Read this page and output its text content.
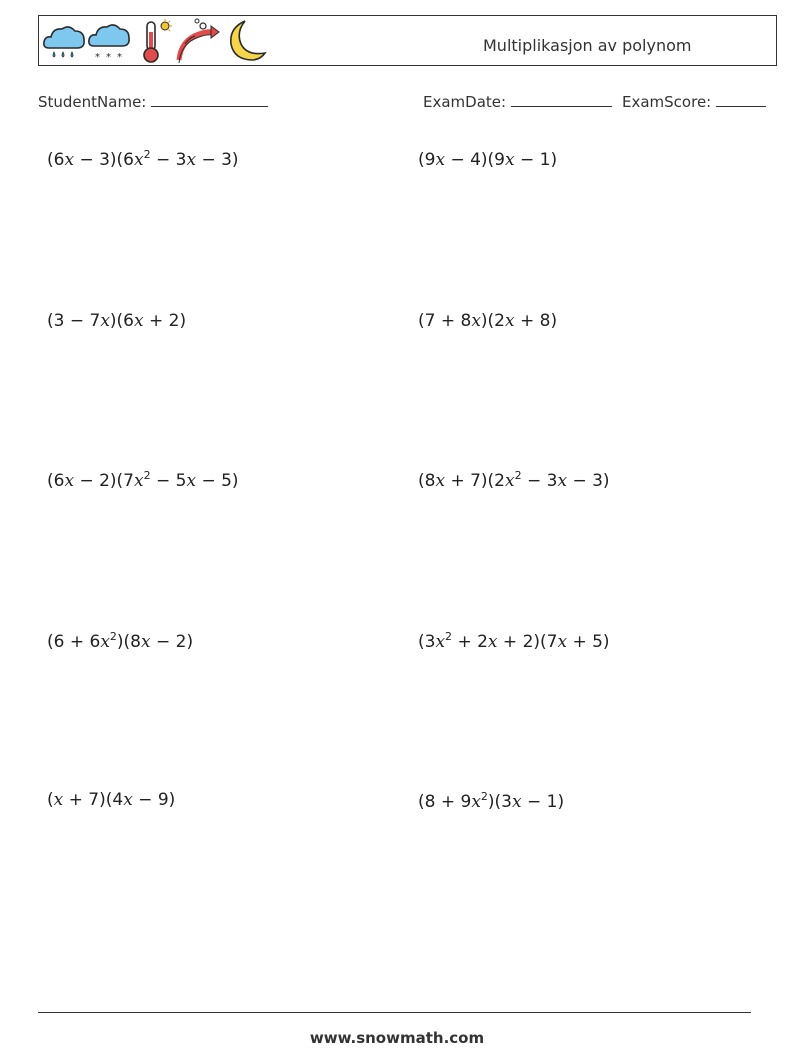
* * *
Multiplikasjon av polynom
StudentName:	ExamDate:	ExamScore:
$(6x - 3)(6x^2 - 3x - 3)$	(9x − 4)(9x − 1)
(3 − 7x)(6x + 2)	(7 + 8x)(2x + 8)
$(6x - 2)(7x^2 - 5x - 5)$	$(8x + 7)(2x^2 - 3x - 3)$
$(6 + 6x^2)(8x - 2)$	$(3x^2 + 2x + 2)(7x + 5)$
(x + 7)(4x − 9)	$(8 + 9x^2)(3x - 1)$
www.snowmath.com
